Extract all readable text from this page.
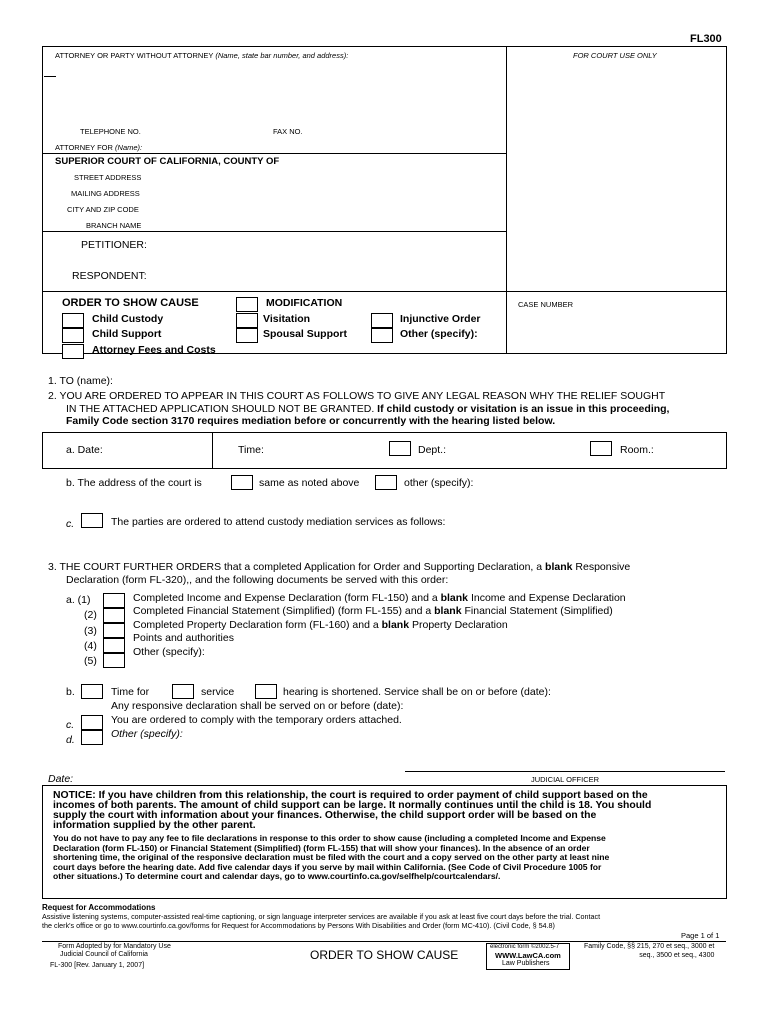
FL300
ATTORNEY OR PARTY WITHOUT ATTORNEY (Name, state bar number, and address):	FOR COURT USE ONLY
TELEPHONE NO.	FAX NO.
ATTORNEY FOR (Name):
SUPERIOR COURT OF CALIFORNIA, COUNTY OF
STREET ADDRESS
MAILING ADDRESS
CITY AND ZIP CODE
BRANCH NAME
PETITIONER:
RESPONDENT:
ORDER TO SHOW CAUSE
Child Custody
Child Support
Attorney Fees and Costs
MODIFICATION
Visitation
Spousal Support
Injunctive Order
Other (specify):
CASE NUMBER
1. TO (name):
2. YOU ARE ORDERED TO APPEAR IN THIS COURT AS FOLLOWS TO GIVE ANY LEGAL REASON WHY THE RELIEF SOUGHT
IN THE ATTACHED APPLICATION SHOULD NOT BE GRANTED. If child custody or visitation is an issue in this proceeding,
Family Code section 3170 requires mediation before or concurrently with the hearing listed below.
a. Date:	Time:	Dept.:	Room.:
b. The address of the court is	same as noted above	other (specify):
c.	The parties are ordered to attend custody mediation services as follows:
3. THE COURT FURTHER ORDERS that a completed Application for Order and Supporting Declaration, a blank Responsive
Declaration (form FL-320),, and the following documents be served with this order:
a. (1)
(2)
(3)
(4)
(5)
Completed Income and Expense Declaration (form FL-150) and a blank Income and Expense Declaration
Completed Financial Statement (Simplified) (form FL-155) and a blank Financial Statement (Simplified)
Completed Property Declaration form (FL-160) and a blank Property Declaration
Points and authorities
Other (specify):
b.	Time for	service	hearing is shortened. Service shall be on or before (date):
Any responsive declaration shall be served on or before (date):
c.	You are ordered to comply with the temporary orders attached.
d.	Other (specify):
Date:	JUDICIAL OFFICER
NOTICE: If you have children from this relationship, the court is required to order payment of child support based on the
incomes of both parents. The amount of child support can be large. It normally continues until the child is 18. You should
supply the court with information about your finances. Otherwise, the child support order will be based on the
information supplied by the other parent.
You do not have to pay any fee to file declarations in response to this order to show cause (including a completed Income and Expense
Declaration (form FL-150) or Financial Statement (Simplified) (form FL-155) that will show your finances). In the absence of an order
shortening time, the original of the responsive declaration must be filed with the court and a copy served on the other party at least nine
court days before the hearing date. Add five calendar days if you serve by mail within California. (See Code of Civil Procedure 1005 for
other situations.) To determine court and calendar days, go to www.courtinfo.ca.gov/selfhelp/courtcalendars/.
Request for Accommodations
Assistive listening systems, computer-assisted real-time captioning, or sign language interpreter services are available if you ask at least five court days before the trial. Contact
the clerk's office or go to www.courtinfo.ca.gov/forms for Request for Accommodations by Persons With Disabilities and Order (form MC-410). (Civil Code, § 54.8)
Page 1 of 1
Form Adopted by for Mandatory Use
Judicial Council of California
FL-300 [Rev. January 1, 2007]
ORDER TO SHOW CAUSE
electronic form ©2002.5-7
WWW.LawCA.com
Law Publishers
Family Code, §§ 215, 270 et seq., 3000 et
seq., 3500 et seq., 4300
